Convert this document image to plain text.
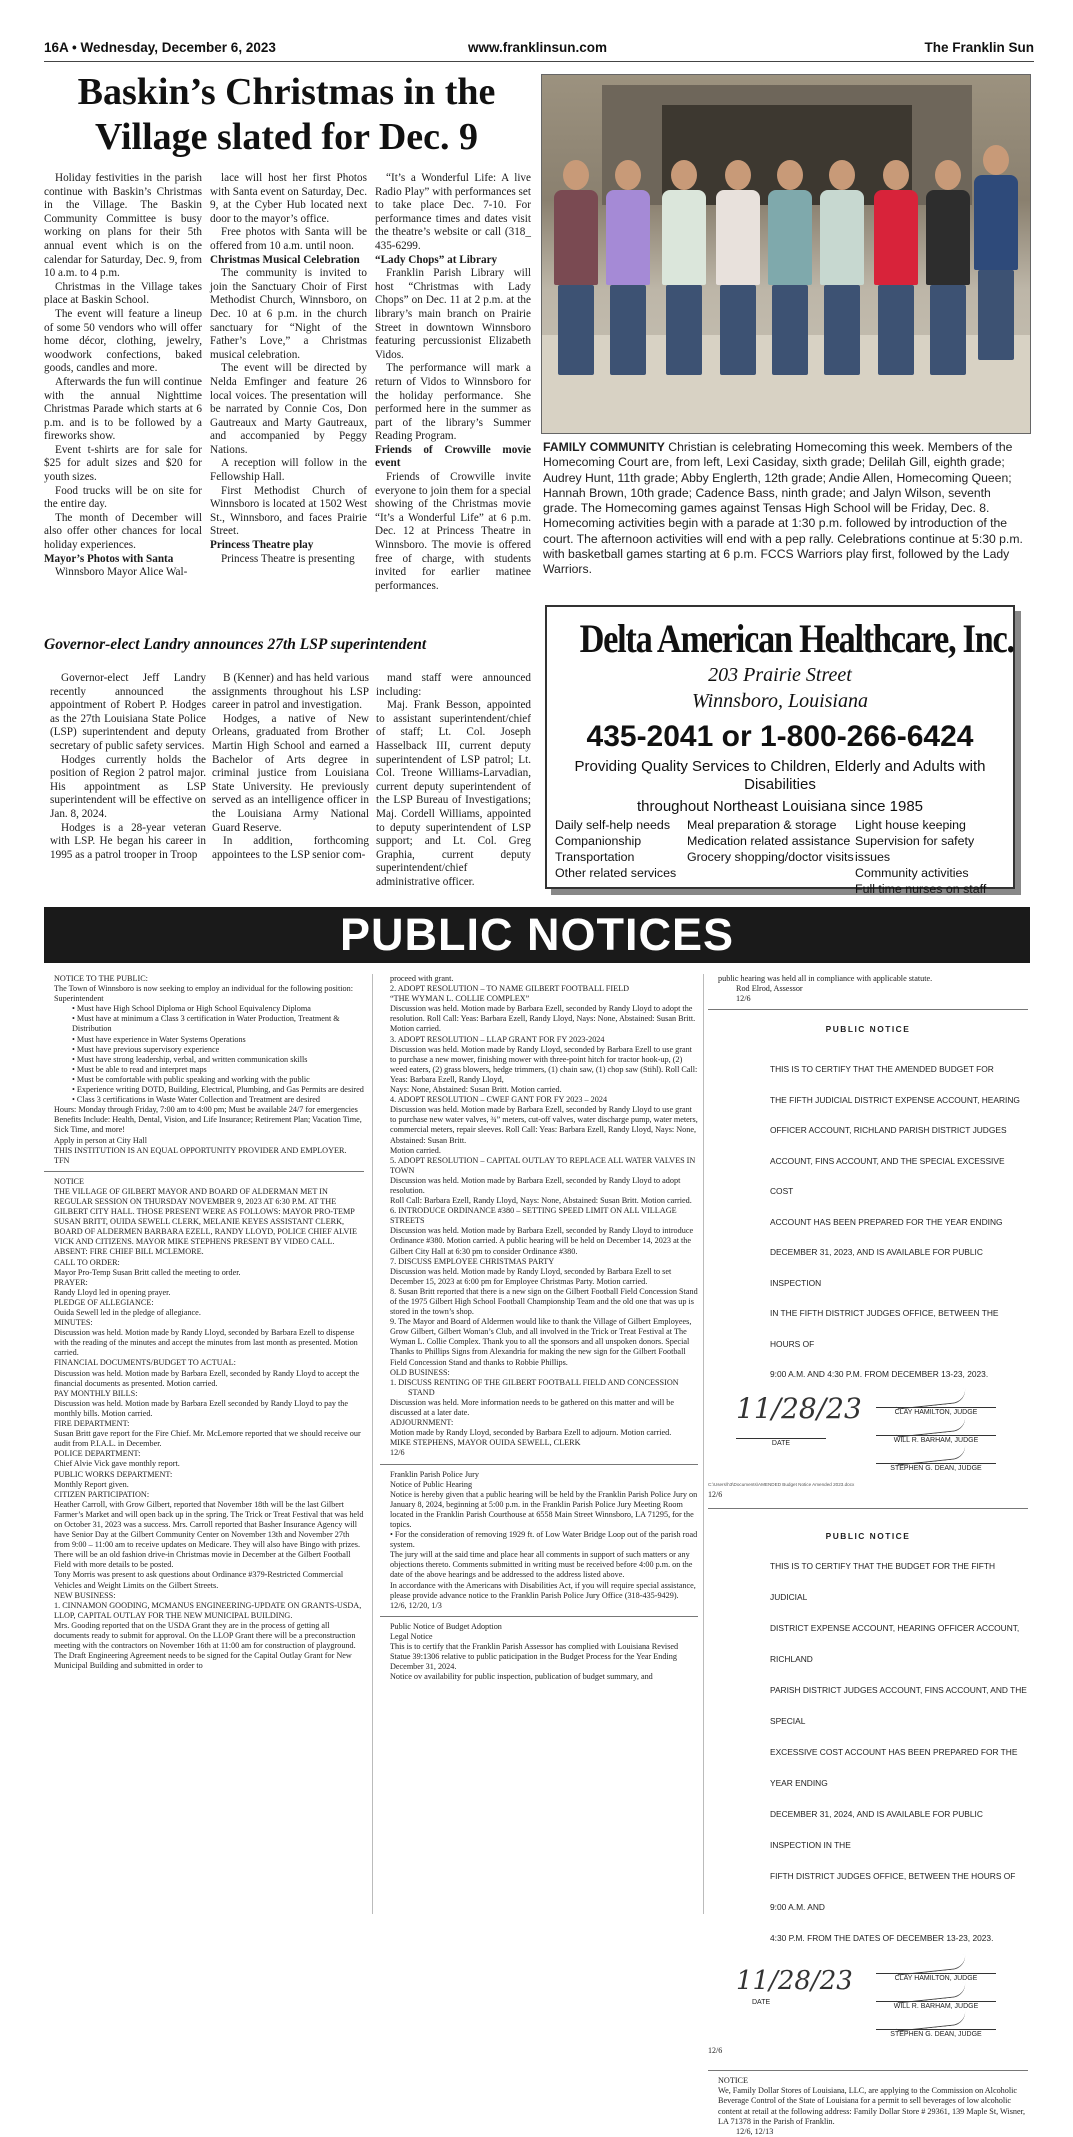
16A • Wednesday, December 6, 2023	www.franklinsun.com	The Franklin Sun
Baskin’s Christmas in the Village slated for Dec. 9

Holiday festivities in the parish continue with Baskin’s Christmas in the Village. The Baskin Community Committee is busy working on plans for their 5th annual event which is on the calendar for Saturday, Dec. 9, from 10 a.m. to 4 p.m.

Christmas in the Village takes place at Baskin School.

The event will feature a lineup of some 50 vendors who will offer home décor, clothing, jewelry, woodwork confections, baked goods, candles and more.

Afterwards the fun will continue with the annual Nighttime Christmas Parade which starts at 6 p.m. and is to be followed by a fireworks show.

Event t-shirts are for sale for $25 for adult sizes and $20 for youth sizes.

Food trucks will be on site for the entire day.

The month of December will also offer other chances for local holiday experiences.

Mayor’s Photos with Santa

Winnsboro Mayor Alice Wal-

lace will host her first Photos with Santa event on Saturday, Dec. 9, at the Cyber Hub located next door to the mayor’s office.

Free photos with Santa will be offered from 10 a.m. until noon.

Christmas Musical Celebration

The community is invited to join the Sanctuary Choir of First Methodist Church, Winnsboro, on Dec. 10 at 6 p.m. in the church sanctuary for “Night of the Father’s Love,” a Christmas musical celebration.

The event will be directed by Nelda Emfinger and feature 26 local voices. The presentation will be narrated by Connie Cos, Don Gautreaux and Marty Gautreaux, and accompanied by Peggy Nations.

A reception will follow in the Fellowship Hall.

First Methodist Church of Winnsboro is located at 1502 West St., Winnsboro, and faces Prairie Street.

Princess Theatre play

Princess Theatre is presenting

“It’s a Wonderful Life: A live Radio Play” with performances set to take place Dec. 7-10. For performance times and dates visit the theatre’s website or call (318_ 435-6299.

“Lady Chops” at Library

Franklin Parish Library will host “Christmas with Lady Chops” on Dec. 11 at 2 p.m. at the library’s main branch on Prairie Street in downtown Winnsboro featuring percussionist Elizabeth Vidos.

The performance will mark a return of Vidos to Winnsboro for the holiday performance. She performed here in the summer as part of the library’s Summer Reading Program.

Friends of Crowville movie event

Friends of Crowville invite everyone to join them for a special showing of the Christmas movie “It’s a Wonderful Life” at 6 p.m. Dec. 12 at Princess Theatre in Winnsboro. The movie is offered free of charge, with students invited for earlier matinee performances.

FAMILY COMMUNITY Christian is celebrating Homecoming this week. Members of the Homecoming Court are, from left, Lexi Casiday, sixth grade; Delilah Gill, eighth grade; Audrey Hunt, 11th grade; Abby Englerth, 12th grade; Andie Allen, Homecoming Queen; Hannah Brown, 10th grade; Cadence Bass, ninth grade; and Jalyn Wilson, seventh grade. The Homecoming games against Tensas High School will be Friday, Dec. 8. Homecoming activities begin with a parade at 1:30 p.m. followed by introduction of the court. The afternoon activities will end with a pep rally. Celebrations continue at 5:30 p.m. with basketball games starting at 6 p.m. FCCS Warriors play first, followed by the Lady Warriors.
Governor-elect Landry announces 27th LSP superintendent

Governor-elect Jeff Landry recently announced the appointment of Robert P. Hodges as the 27th Louisiana State Police (LSP) superintendent and deputy secretary of public safety services.

Hodges currently holds the position of Region 2 patrol major. His appointment as LSP superintendent will be effective on Jan. 8, 2024.

Hodges is a 28-year veteran with LSP. He began his career in 1995 as a patrol trooper in Troop

B (Kenner) and has held various assignments throughout his LSP career in patrol and investigation.

Hodges, a native of New Orleans, graduated from Brother Martin High School and earned a Bachelor of Arts degree in criminal justice from Louisiana State University. He previously served as an intelligence officer in the Louisiana Army National Guard Reserve.

In addition, forthcoming appointees to the LSP senior com-

mand staff were announced including:

Maj. Frank Besson, appointed to assistant superintendent/chief of staff; Lt. Col. Joseph Hasselback III, current deputy superintendent of LSP patrol; Lt. Col. Treone Williams-Larvadian, current deputy superintendent of the LSP Bureau of Investigations; Maj. Cordell Williams, appointed to deputy superintendent of LSP support; and Lt. Col. Greg Graphia, current deputy superintendent/chief administrative officer.

Delta American Healthcare, Inc.
203 Prairie Street
Winnsboro, Louisiana
435-2041 or 1-800-266-6424
Providing Quality Services to Children, Elderly and Adults with Disabilities
throughout Northeast Louisiana since 1985
Daily self-help needs
Companionship
Transportation
Other related services
Meal preparation & storage
Medication related assistance
Grocery shopping/doctor visits
Light house keeping
Supervision for safety issues
Community activities
Full time nurses on staff
PUBLIC NOTICES
NOTICE TO THE PUBLIC:
The Town of Winnsboro is now seeking to employ an individual for the following position:
Superintendent
• Must have High School Diploma or High School Equivalency Diploma
• Must have at minimum a Class 3 certification in Water Production, Treatment & Distribution
• Must have experience in Water Systems Operations
• Must have previous supervisory experience
• Must have strong leadership, verbal, and written communication skills
• Must be able to read and interpret maps
• Must be comfortable with public speaking and working with the public
• Experience writing DOTD, Building, Electrical, Plumbing, and Gas Permits are desired
• Class 3 certifications in Waste Water Collection and Treatment are desired
Hours: Monday through Friday, 7:00 am to 4:00 pm; Must be available 24/7 for emergencies
Benefits Include: Health, Dental, Vision, and Life Insurance; Retirement Plan; Vacation Time, Sick Time, and more!
Apply in person at City Hall
THIS INSTITUTION IS AN EQUAL OPPORTUNITY PROVIDER AND EMPLOYER.
TFN
NOTICE
THE VILLAGE OF GILBERT MAYOR AND BOARD OF ALDERMAN MET IN REGULAR SESSION ON THURSDAY NOVEMBER 9, 2023 AT 6:30 P.M. AT THE GILBERT CITY HALL. THOSE PRESENT WERE AS FOLLOWS: MAYOR PRO-TEMP SUSAN BRITT, OUIDA SEWELL CLERK, MELANIE KEYES ASSISTANT CLERK, BOARD OF ALDERMEN BARBARA EZELL, RANDY LLOYD, POLICE CHIEF ALVIE VICK AND CITIZENS. MAYOR MIKE STEPHENS PRESENT BY VIDEO CALL. ABSENT: FIRE CHIEF BILL MCLEMORE.
CALL TO ORDER:
Mayor Pro-Temp Susan Britt called the meeting to order.
PRAYER:
Randy Lloyd led in opening prayer.
PLEDGE OF ALLEGIANCE:
Ouida Sewell led in the pledge of allegiance.
MINUTES:
Discussion was held. Motion made by Randy Lloyd, seconded by Barbara Ezell to dispense with the reading of the minutes and accept the minutes from last month as presented. Motion carried.
FINANCIAL DOCUMENTS/BUDGET TO ACTUAL:
Discussion was held. Motion made by Barbara Ezell, seconded by Randy Lloyd to accept the financial documents as presented. Motion carried.
PAY MONTHLY BILLS:
Discussion was held. Motion made by Barbara Ezell seconded by Randy Lloyd to pay the monthly bills. Motion carried.
FIRE DEPARTMENT:
Susan Britt gave report for the Fire Chief. Mr. McLemore reported that we should receive our audit from P.I.A.L. in December.
POLICE DEPARTMENT:
Chief Alvie Vick gave monthly report.
PUBLIC WORKS DEPARTMENT:
Monthly Report given.
CITIZEN PARTICIPATION:
Heather Carroll, with Grow Gilbert, reported that November 18th will be the last Gilbert Farmer’s Market and will open back up in the spring. The Trick or Treat Festival that was held on October 31, 2023 was a success. Mrs. Carroll reported that Basher Insurance Agency will have Senior Day at the Gilbert Community Center on November 13th and November 27th from 9:00 – 11:00 am to receive updates on Medicare. They will also have Bingo with prizes. There will be an old fashion drive-in Christmas movie in December at the Gilbert Football Field with more details to be posted.
Tony Morris was present to ask questions about Ordinance #379-Restricted Commercial Vehicles and Weight Limits on the Gilbert Streets.
NEW BUSINESS:
1. CINNAMON GOODING, MCMANUS ENGINEERING-UPDATE ON GRANTS-USDA, LLOP, CAPITAL OUTLAY FOR THE NEW MUNICIPAL BUILDING.
Mrs. Gooding reported that on the USDA Grant they are in the process of getting all documents ready to submit for approval. On the LLOP Grant there will be a preconstruction meeting with the contractors on November 16th at 11:00 am for construction of playground. The Draft Engineering Agreement needs to be signed for the Capital Outlay Grant for New Municipal Building and submitted in order to
proceed with grant.
2. ADOPT RESOLUTION – TO NAME GILBERT FOOTBALL FIELD
“THE WYMAN L. COLLIE COMPLEX”
Discussion was held. Motion made by Barbara Ezell, seconded by Randy Lloyd to adopt the resolution. Roll Call: Yeas: Barbara Ezell, Randy Lloyd, Nays: None, Abstained: Susan Britt. Motion carried.
3. ADOPT RESOLUTION – LLAP GRANT FOR FY 2023-2024
Discussion was held. Motion made by Randy Lloyd, seconded by Barbara Ezell to use grant to purchase a new mower, finishing mower with three-point hitch for tractor hook-up, (2) weed eaters, (2) grass blowers, hedge trimmers, (1) chain saw, (1) chop saw (Stihl). Roll Call: Yeas: Barbara Ezell, Randy Lloyd,
Nays: None, Abstained: Susan Britt. Motion carried.
4. ADOPT RESOLUTION – CWEF GANT FOR FY 2023 – 2024
Discussion was held. Motion made by Barbara Ezell, seconded by Randy Lloyd to use grant to purchase new water valves, ¾” meters, cut-off valves, water discharge pump, water meters, commercial meters, repair sleeves. Roll Call: Yeas: Barbara Ezell, Randy Lloyd, Nays: None, Abstained: Susan Britt.
Motion carried.
5. ADOPT RESOLUTION – CAPITAL OUTLAY TO REPLACE ALL WATER VALVES IN TOWN
Discussion was held. Motion made by Barbara Ezell, seconded by Randy Lloyd to adopt resolution.
Roll Call: Barbara Ezell, Randy Lloyd, Nays: None, Abstained: Susan Britt. Motion carried.
6. INTRODUCE ORDINANCE #380 – SETTING SPEED LIMIT ON ALL VILLAGE STREETS
Discussion was held. Motion made by Barbara Ezell, seconded by Randy Lloyd to introduce
Ordinance #380. Motion carried. A public hearing will be held on December 14, 2023 at the Gilbert City Hall at 6:30 pm to consider Ordinance #380.
7. DISCUSS EMPLOYEE CHRISTMAS PARTY
Discussion was held. Motion made by Randy Lloyd, seconded by Barbara Ezell to set December 15, 2023 at 6:00 pm for Employee Christmas Party. Motion carried.
8. Susan Britt reported that there is a new sign on the Gilbert Football Field Concession Stand of the 1975 Gilbert High School Football Championship Team and the old one that was up is stored in the town’s shop.
9. The Mayor and Board of Aldermen would like to thank the Village of Gilbert Employees, Grow Gilbert, Gilbert Woman’s Club, and all involved in the Trick or Treat Festival at The Wyman L. Collie Complex. Thank you to all the sponsors and all unspoken donors. Special Thanks to Phillips Signs from Alexandria for making the new sign for the Gilbert Football Field Concession Stand and thanks to Robbie Phillips.
OLD BUSINESS:
1. DISCUSS RENTING OF THE GILBERT FOOTBALL FIELD AND CONCESSION
STAND
Discussion was held. More information needs to be gathered on this matter and will be discussed at a later date.
ADJOURNMENT:
Motion made by Randy Lloyd, seconded by Barbara Ezell to adjourn. Motion carried.
MIKE STEPHENS, MAYOR OUIDA SEWELL, CLERK
12/6
Franklin Parish Police Jury
Notice of Public Hearing
Notice is hereby given that a public hearing will be held by the Franklin Parish Police Jury on January 8, 2024, beginning at 5:00 p.m. in the Franklin Parish Police Jury Meeting Room located in the Franklin Parish Courthouse at 6558 Main Street Winnsboro, LA 71295, for the topics.
• For the consideration of removing 1929 ft. of Low Water Bridge Loop out of the parish road system.
The jury will at the said time and place hear all comments in support of such matters or any objections thereto. Comments submitted in writing must be received before 4:00 p.m. on the date of the above hearings and be addressed to the address listed above.
In accordance with the Americans with Disabilities Act, if you will require special assistance, please provide advance notice to the Franklin Parish Police Jury Office (318-435-9429).
12/6, 12/20, 1/3
Public Notice of Budget Adoption
Legal Notice
This is to certify that the Franklin Parish Assessor has complied with Louisiana Revised Statue 39:1306 relative to public paticipation in the Budget Process for the Year Ending December 31, 2024.
Notice ov availability for public inspection, publication of budget summary, and
public hearing was held all in compliance with applicable statute.
Rod Elrod, Assessor
12/6
PUBLIC NOTICE
THIS IS TO CERTIFY THAT THE AMENDED BUDGET FOR
THE FIFTH JUDICIAL DISTRICT EXPENSE ACCOUNT, HEARING
OFFICER ACCOUNT, RICHLAND PARISH DISTRICT JUDGES
ACCOUNT, FINS ACCOUNT, AND THE SPECIAL EXCESSIVE COST
ACCOUNT HAS BEEN PREPARED FOR THE YEAR ENDING
DECEMBER 31, 2023, AND IS AVAILABLE FOR PUBLIC INSPECTION
IN THE FIFTH DISTRICT JUDGES OFFICE, BETWEEN THE HOURS OF
9:00 A.M. AND 4:30 P.M. FROM DECEMBER 13-23, 2023.
11/28/23
DATE
CLAY HAMILTON, JUDGE
WILL R. BARHAM, JUDGE
STEPHEN G. DEAN, JUDGE
C:\Users\h3\Documents\AMENDED Budget Notice Amended 2023.docx
12/6
PUBLIC NOTICE
THIS IS TO CERTIFY THAT THE BUDGET FOR THE FIFTH JUDICIAL
DISTRICT EXPENSE ACCOUNT, HEARING OFFICER ACCOUNT, RICHLAND
PARISH DISTRICT JUDGES ACCOUNT, FINS ACCOUNT, AND THE SPECIAL
EXCESSIVE COST ACCOUNT HAS BEEN PREPARED FOR THE YEAR ENDING
DECEMBER 31, 2024, AND IS AVAILABLE FOR PUBLIC INSPECTION IN THE
FIFTH DISTRICT JUDGES OFFICE, BETWEEN THE HOURS OF 9:00 A.M. AND
4:30 P.M. FROM THE DATES OF DECEMBER 13-23, 2023.
11/28/23
DATE
CLAY HAMILTON, JUDGE
WILL R. BARHAM, JUDGE
STEPHEN G. DEAN, JUDGE
12/6
NOTICE
We, Family Dollar Stores of Louisiana, LLC, are applying to the Commission on Alcoholic Beverage Control of the State of Louisiana for a permit to sell beverages of low alcoholic content at retail at the following address: Family Dollar Store # 29361, 139 Maple St, Wisner, LA 71378 in the Parish of Franklin.
12/6, 12/13
